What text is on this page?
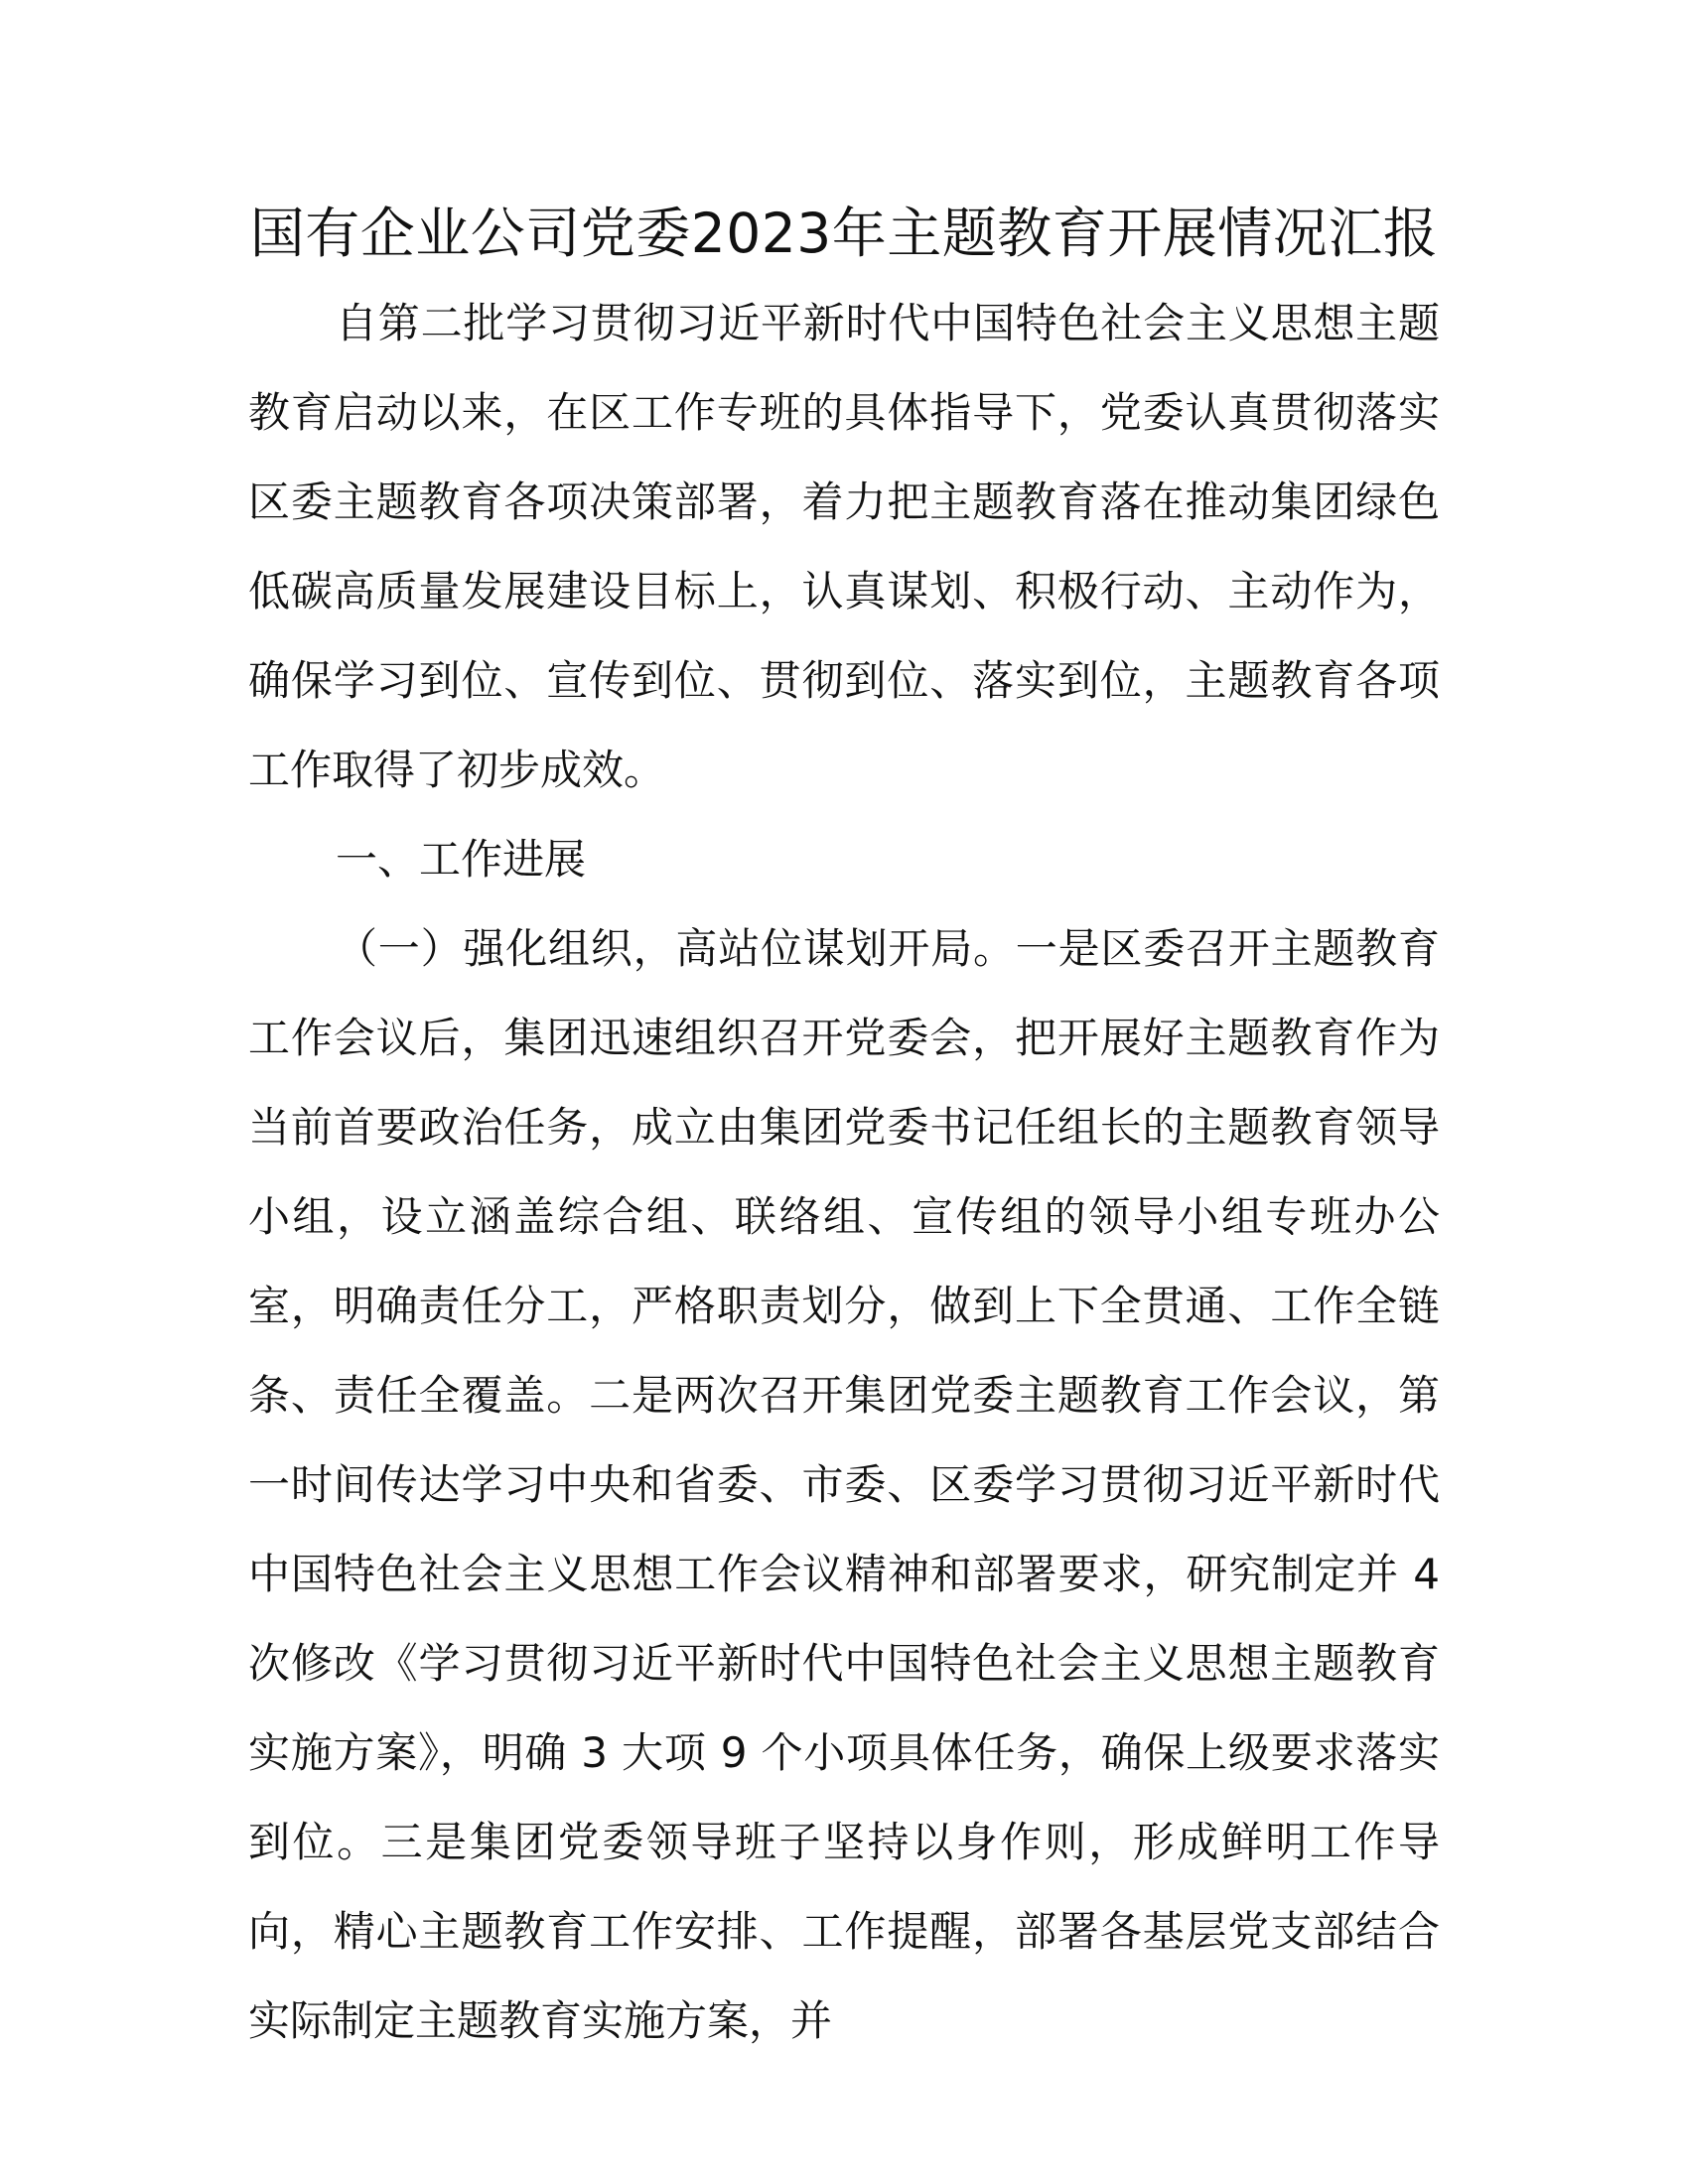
国有企业公司党委2023年主题教育开展情况汇报

自第二批学习贯彻习近平新时代中国特色社会主义思想主题教育启动以来，在区工作专班的具体指导下，党委认真贯彻落实区委主题教育各项决策部署，着力把主题教育落在推动集团绿色低碳高质量发展建设目标上，认真谋划、积极行动、主动作为，确保学习到位、宣传到位、贯彻到位、落实到位，主题教育各项工作取得了初步成效。

一、工作进展

（一）强化组织，高站位谋划开局。一是区委召开主题教育工作会议后，集团迅速组织召开党委会，把开展好主题教育作为当前首要政治任务，成立由集团党委书记任组长的主题教育领导小组，设立涵盖综合组、联络组、宣传组的领导小组专班办公室，明确责任分工，严格职责划分，做到上下全贯通、工作全链条、责任全覆盖。二是两次召开集团党委主题教育工作会议，第一时间传达学习中央和省委、市委、区委学习贯彻习近平新时代中国特色社会主义思想工作会议精神和部署要求，研究制定并 4 次修改《学习贯彻习近平新时代中国特色社会主义思想主题教育实施方案》，明确 3 大项 9 个小项具体任务，确保上级要求落实到位。三是集团党委领导班子坚持以身作则，形成鲜明工作导向，精心主题教育工作安排、工作提醒，部署各基层党支部结合实际制定主题教育实施方案，并
